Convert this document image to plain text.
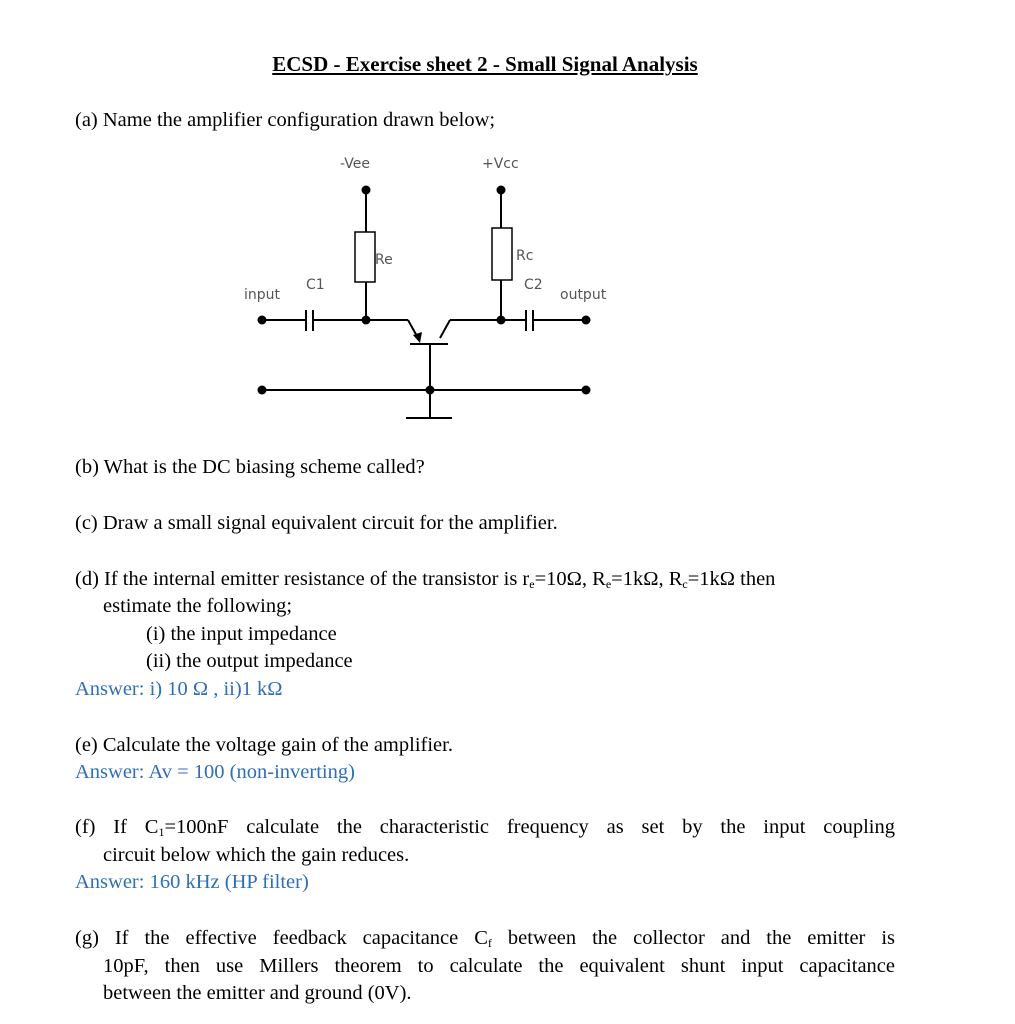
ECSD - Exercise sheet 2 - Small Signal Analysis
(a) Name the amplifier configuration drawn below;
-Vee	+Vcc
Re	Rc
C1	C2
input	output
(b) What is the DC biasing scheme called?
(c) Draw a small signal equivalent circuit for the amplifier.
(d) If the internal emitter resistance of the transistor is $r_e=10\Omega$, $R_e=1k\Omega$, $R_c=1k\Omega$ then
estimate the following;
(i) the input impedance
(ii) the output impedance
Answer: i) 10 Ω , ii)1 kΩ
(e) Calculate the voltage gain of the amplifier.
Answer: Av = 100 (non-inverting)
(f) If $C_1=100nF$ calculate the characteristic frequency as set by the input coupling
circuit below which the gain reduces.
Answer: 160 kHz (HP filter)
(g) If the effective feedback capacitance $C_f$ between the collector and the emitter is
10pF, then use Millers theorem to calculate the equivalent shunt input capacitance
between the emitter and ground (0V).
